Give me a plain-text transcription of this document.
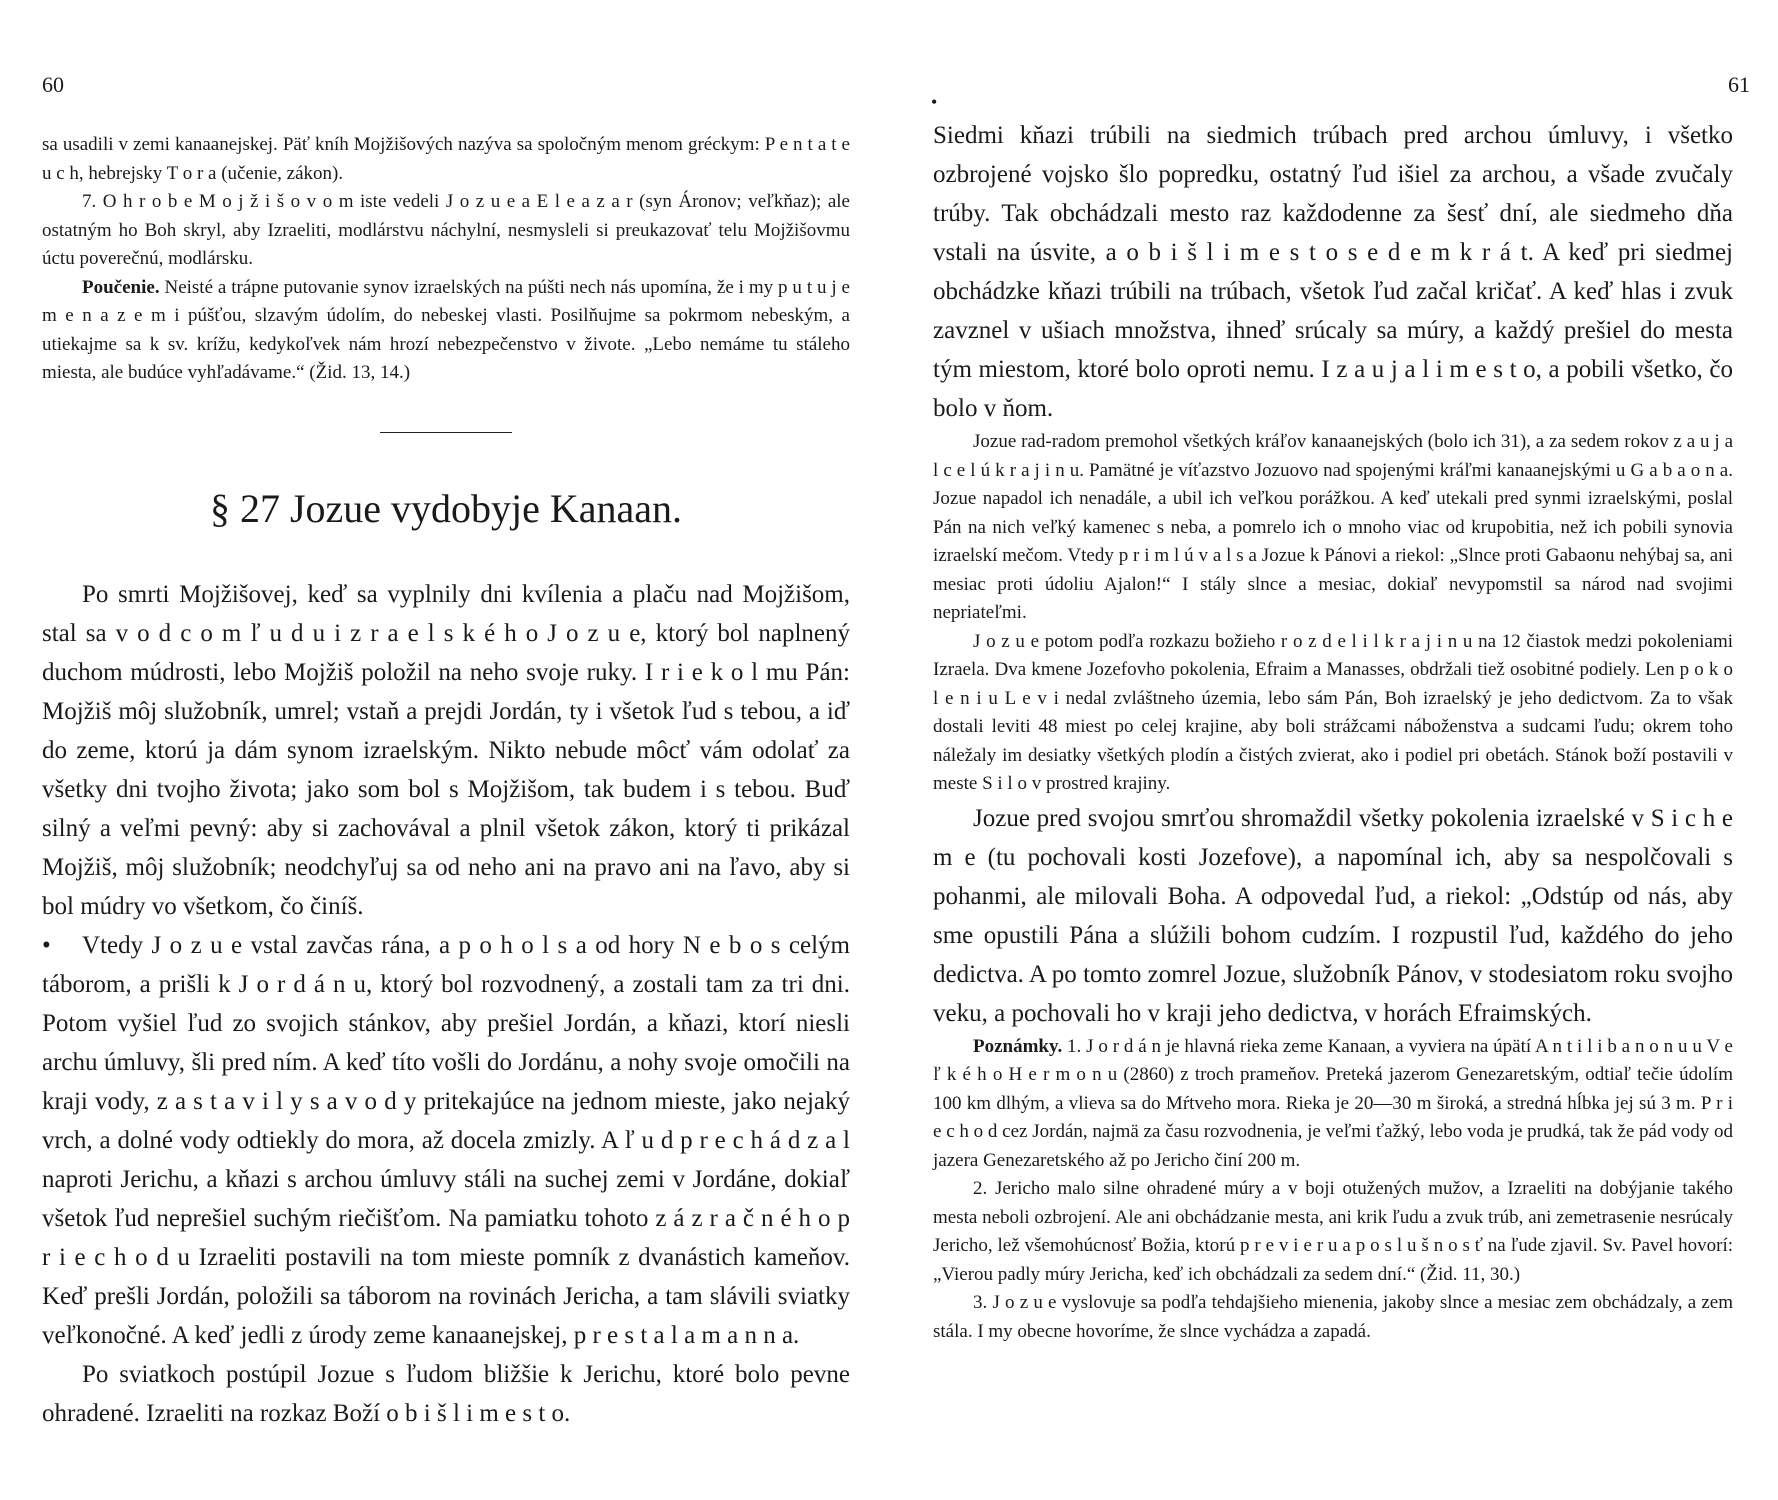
60

sa usadili v zemi kanaanejskej. Päť kníh Mojžišových nazýva sa spoločným menom gréckym: P e n t a t e u c h, hebrejsky T o r a (učenie, zákon).

7. O h r o b e M o j ž i š o v o m iste vedeli J o z u e a E l e a z a r (syn Áronov; veľkňaz); ale ostatným ho Boh skryl, aby Izraeliti, modlárstvu náchylní, nesmysleli si preukazovať telu Mojžišovmu úctu poverečnú, modlársku.

Poučenie. Neisté a trápne putovanie synov izraelských na púšti nech nás upomína, že i my p u t u j e m e n a z e m i púšťou, slzavým údolím, do nebeskej vlasti. Posilňujme sa pokrmom nebeským, a utiekajme sa k sv. krížu, kedykoľvek nám hrozí nebezpečenstvo v živote. „Lebo nemáme tu stáleho miesta, ale budúce vyhľadávame.“ (Žid. 13, 14.)

§ 27 Jozue vydobyje Kanaan.

Po smrti Mojžišovej, keď sa vyplnily dni kvílenia a plaču nad Mojžišom, stal sa v o d c o m ľ u d u i z r a e l s k é h o J o z u e, ktorý bol naplnený duchom múdrosti, lebo Mojžiš položil na neho svoje ruky. I r i e k o l mu Pán: Mojžiš môj služobník, umrel; vstaň a prejdi Jordán, ty i všetok ľud s tebou, a iď do zeme, ktorú ja dám synom izraelským. Nikto nebude môcť vám odolať za všetky dni tvojho života; jako som bol s Mojžišom, tak budem i s tebou. Buď silný a veľmi pevný: aby si zachovával a plnil všetok zákon, ktorý ti prikázal Mojžiš, môj služobník; neodchyľuj sa od neho ani na pravo ani na ľavo, aby si bol múdry vo všetkom, čo činíš.

• Vtedy J o z u e vstal zavčas rána, a p o h o l s a od hory N e b o s celým táborom, a prišli k J o r d á n u, ktorý bol rozvodnený, a zostali tam za tri dni. Potom vyšiel ľud zo svojich stánkov, aby prešiel Jordán, a kňazi, ktorí niesli archu úmluvy, šli pred ním. A keď títo vošli do Jordánu, a nohy svoje omočili na kraji vody, z a s t a v i l y s a v o d y pritekajúce na jednom mieste, jako nejaký vrch, a dolné vody odtiekly do mora, až docela zmizly. A ľ u d p r e c h á d z a l naproti Jerichu, a kňazi s archou úmluvy stáli na suchej zemi v Jordáne, dokiaľ všetok ľud neprešiel suchým riečišťom. Na pamiatku tohoto z á z r a č n é h o p r i e c h o d u Izraeliti postavili na tom mieste pomník z dvanástich kameňov. Keď prešli Jordán, položili sa táborom na rovinách Jericha, a tam slávili sviatky veľkonočné. A keď jedli z úrody zeme kanaanejskej, p r e s t a l a m a n n a.

Po sviatkoch postúpil Jozue s ľudom bližšie k Jerichu, ktoré bolo pevne ohradené. Izraeliti na rozkaz Boží o b i š l i m e s t o.

61
•

Siedmi kňazi trúbili na siedmich trúbach pred archou úmluvy, i všetko ozbrojené vojsko šlo popredku, ostatný ľud išiel za archou, a všade zvučaly trúby. Tak obchádzali mesto raz každodenne za šesť dní, ale siedmeho dňa vstali na úsvite, a o b i š l i m e s t o s e d e m k r á t. A keď pri siedmej obchádzke kňazi trúbili na trúbach, všetok ľud začal kričať. A keď hlas i zvuk zavznel v ušiach množstva, ihneď srúcaly sa múry, a každý prešiel do mesta tým miestom, ktoré bolo oproti nemu. I z a u j a l i m e s t o, a pobili všetko, čo bolo v ňom.

Jozue rad-radom premohol všetkých kráľov kanaanejských (bolo ich 31), a za sedem rokov z a u j a l c e l ú k r a j i n u. Pamätné je víťazstvo Jozuovo nad spojenými kráľmi kanaanejskými u G a b a o n a. Jozue napadol ich nenadále, a ubil ich veľkou porážkou. A keď utekali pred synmi izraelskými, poslal Pán na nich veľký kamenec s neba, a pomrelo ich o mnoho viac od krupobitia, než ich pobili synovia izraelskí mečom. Vtedy p r i m l ú v a l s a Jozue k Pánovi a riekol: „Slnce proti Gabaonu nehýbaj sa, ani mesiac proti údoliu Ajalon!“ I stály slnce a mesiac, dokiaľ nevypomstil sa národ nad svojimi nepriateľmi.

J o z u e potom podľa rozkazu božieho r o z d e l i l k r a j i n u na 12 čiastok medzi pokoleniami Izraela. Dva kmene Jozefovho pokolenia, Efraim a Manasses, obdržali tiež osobitné podiely. Len p o k o l e n i u L e v i nedal zvláštneho územia, lebo sám Pán, Boh izraelský je jeho dedictvom. Za to však dostali leviti 48 miest po celej krajine, aby boli strážcami náboženstva a sudcami ľudu; okrem toho náležaly im desiatky všetkých plodín a čistých zvierat, ako i podiel pri obetách. Stánok boží postavili v meste S i l o v prostred krajiny.

Jozue pred svojou smrťou shromaždil všetky pokolenia izraelské v S i c h e m e (tu pochovali kosti Jozefove), a napomínal ich, aby sa nespolčovali s pohanmi, ale milovali Boha. A odpovedal ľud, a riekol: „Odstúp od nás, aby sme opustili Pána a slúžili bohom cudzím. I rozpustil ľud, každého do jeho dedictva. A po tomto zomrel Jozue, služobník Pánov, v stodesiatom roku svojho veku, a pochovali ho v kraji jeho dedictva, v horách Efraimských.

Poznámky. 1. J o r d á n je hlavná rieka zeme Kanaan, a vyviera na úpätí A n t i l i b a n o n u u V e ľ k é h o H e r m o n u (2860) z troch prameňov. Preteká jazerom Genezaretským, odtiaľ tečie údolím 100 km dlhým, a vlieva sa do Mŕtveho mora. Rieka je 20—30 m široká, a stredná hĺbka jej sú 3 m. P r i e c h o d cez Jordán, najmä za času rozvodnenia, je veľmi ťažký, lebo voda je prudká, tak že pád vody od jazera Genezaretského až po Jericho činí 200 m.

2. Jericho malo silne ohradené múry a v boji otužených mužov, a Izraeliti na dobýjanie takého mesta neboli ozbrojení. Ale ani obchádzanie mesta, ani krik ľudu a zvuk trúb, ani zemetrasenie nesrúcaly Jericho, lež všemohúcnosť Božia, ktorú p r e v i e r u a p o s l u š n o s ť na ľude zjavil. Sv. Pavel hovorí: „Vierou padly múry Jericha, keď ich obchádzali za sedem dní.“ (Žid. 11, 30.)

3. J o z u e vyslovuje sa podľa tehdajšieho mienenia, jakoby slnce a mesiac zem obchádzaly, a zem stála. I my obecne hovoríme, že slnce vychádza a zapadá.
